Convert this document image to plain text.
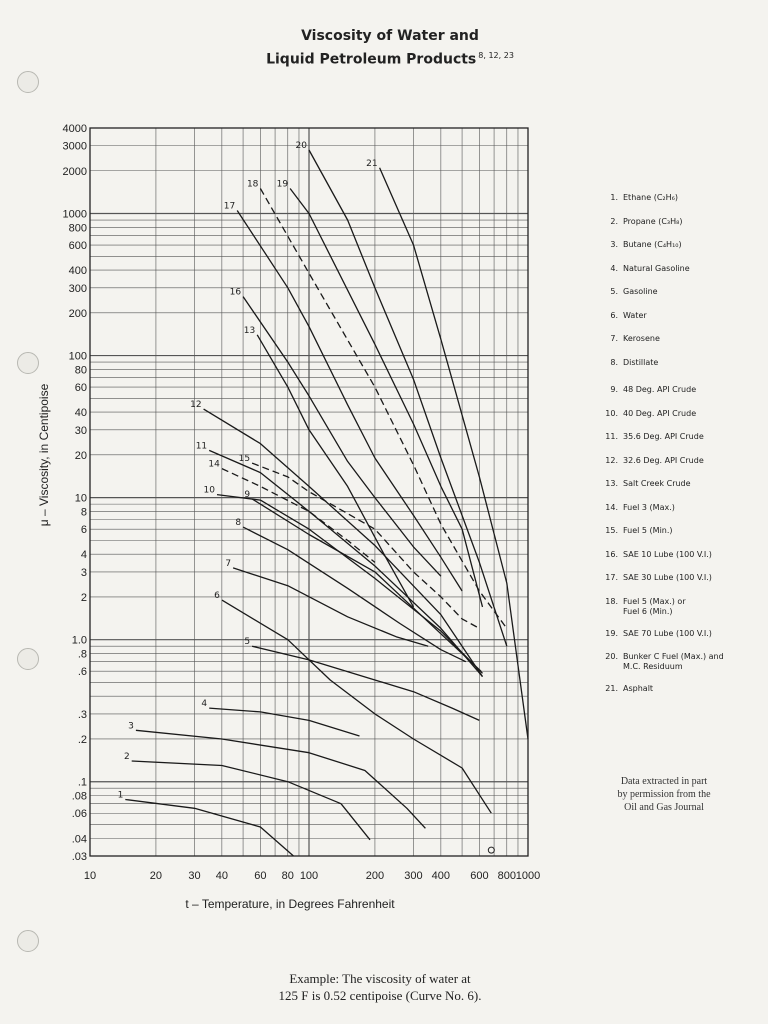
Viscosity of Water and
Liquid Petroleum Products $^{8, 12, 23}$
1
2
3
4
5
6
7
8
9
10
11
12
13
14
15
16
17
18 19
20
21
10	20 30 40 60 80 100	200 300 400 600 800 1000
4000
3000
2000
1000
800
600
400
300
200
100
80
60
40
30
20
10
8
6
4
3
2
1.0
.8
.6
.3
.2
.1
.08
.06
.04
.03
t – Temperature, in Degrees Fahrenheit
μ – Viscosity, in Centipoise
1. Ethane (C₂H₆)
2. Propane (C₃H₈)
3. Butane (C₄H₁₀)
4. Natural Gasoline
5. Gasoline
6. Water
7. Kerosene
8. Distillate
9. 48 Deg. API Crude
10. 40 Deg. API Crude
11. 35.6 Deg. API Crude
12. 32.6 Deg. API Crude
13. Salt Creek Crude
14. Fuel 3 (Max.)
15. Fuel 5 (Min.)
16. SAE 10 Lube (100 V.I.)
17. SAE 30 Lube (100 V.I.)
18. Fuel 5 (Max.) or
Fuel 6 (Min.)
19. SAE 70 Lube (100 V.I.)
20. Bunker C Fuel (Max.) and
M.C. Residuum
21. Asphalt
Data extracted in part
by permission from the
Oil and Gas Journal
Example: The viscosity of water at
125 F is 0.52 centipoise (Curve No. 6).
